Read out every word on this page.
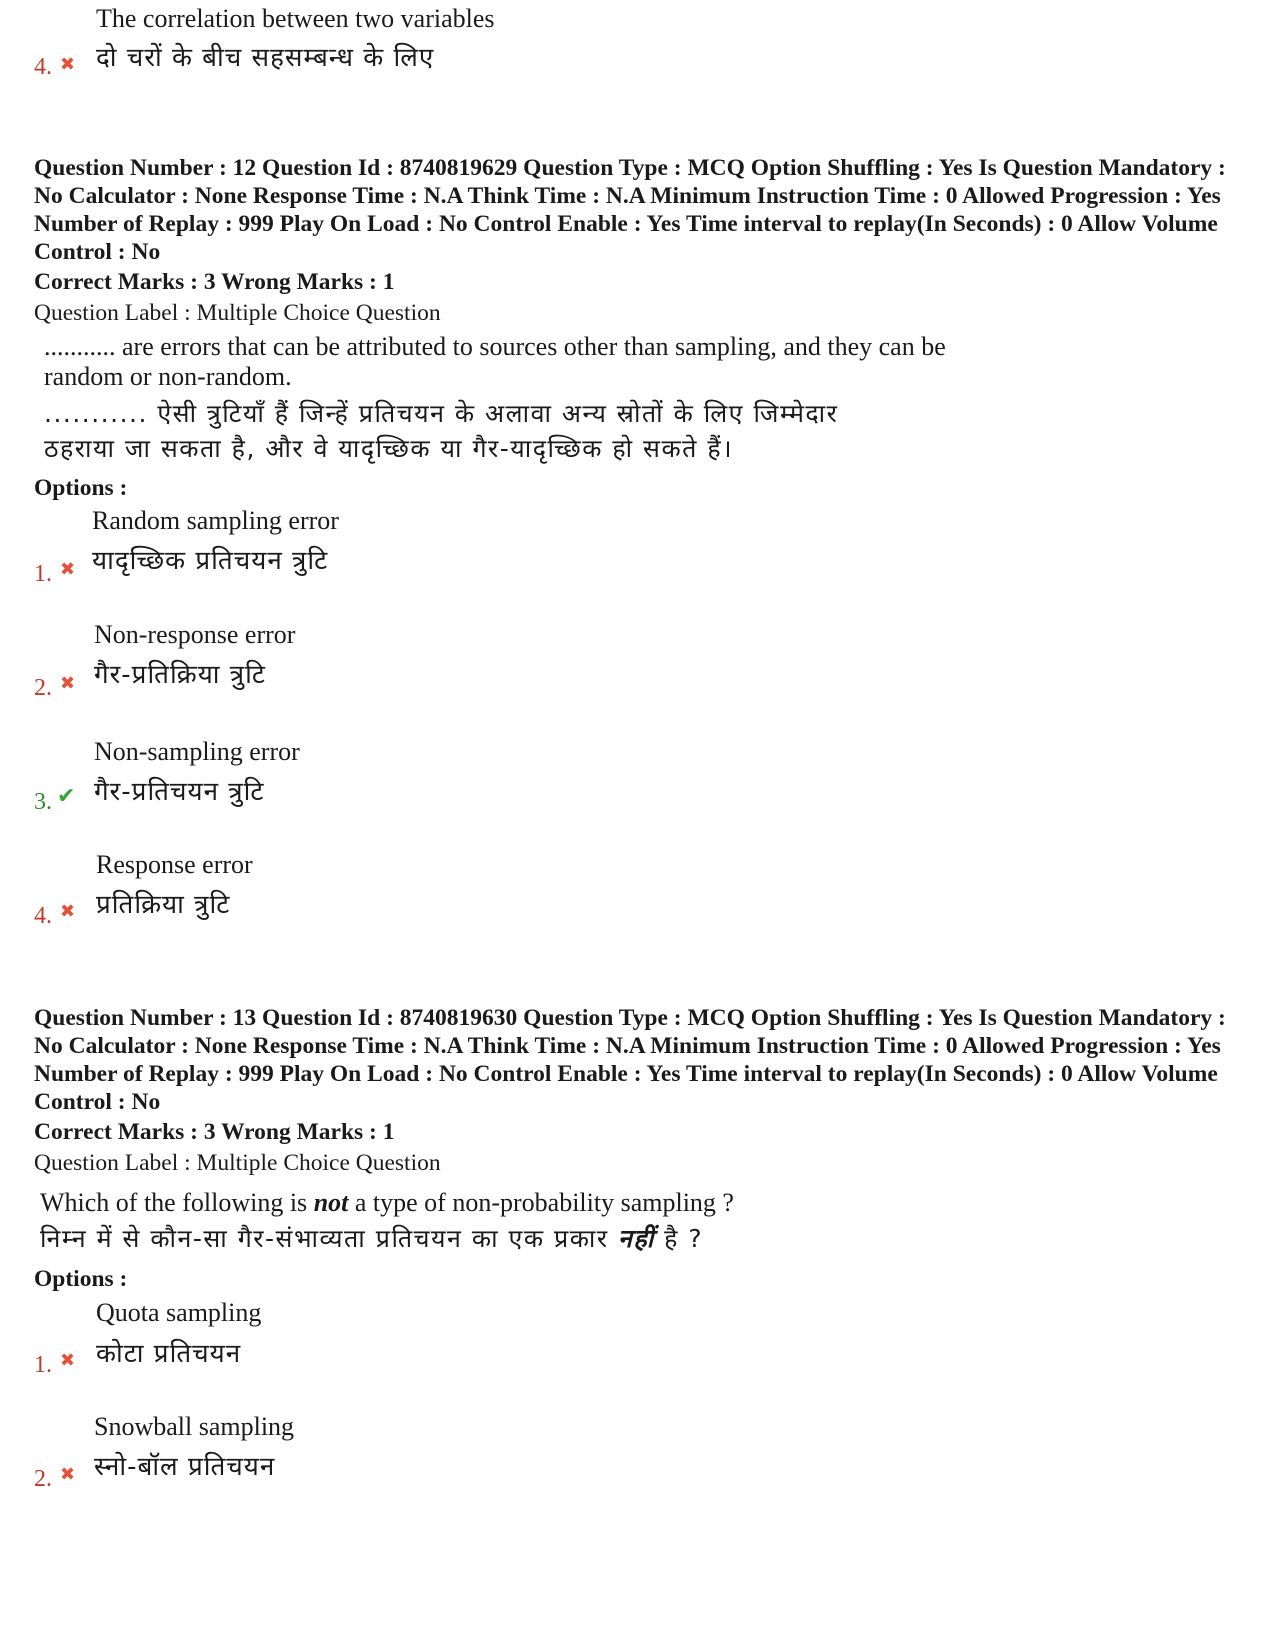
The correlation between two variables
दो चरों के बीच सहसम्बन्ध के लिए
4. ✖
Question Number : 12 Question Id : 8740819629 Question Type : MCQ Option Shuffling : Yes Is Question Mandatory : No Calculator : None Response Time : N.A Think Time : N.A Minimum Instruction Time : 0 Allowed Progression : Yes Number of Replay : 999 Play On Load : No Control Enable : Yes Time interval to replay(In Seconds) : 0 Allow Volume Control : No
Correct Marks : 3 Wrong Marks : 1
Question Label : Multiple Choice Question
........... are errors that can be attributed to sources other than sampling, and they can be
random or non-random.
........... ऐसी त्रुटियाँ हैं जिन्हें प्रतिचयन के अलावा अन्य स्रोतों के लिए जिम्मेदार
ठहराया जा सकता है, और वे यादृच्छिक या गैर-यादृच्छिक हो सकते हैं।
Options :
Random sampling error
यादृच्छिक प्रतिचयन त्रुटि
1. ✖
Non-response error
गैर-प्रतिक्रिया त्रुटि
2. ✖
Non-sampling error
गैर-प्रतिचयन त्रुटि
3. ✔
Response error
प्रतिक्रिया त्रुटि
4. ✖
Question Number : 13 Question Id : 8740819630 Question Type : MCQ Option Shuffling : Yes Is Question Mandatory : No Calculator : None Response Time : N.A Think Time : N.A Minimum Instruction Time : 0 Allowed Progression : Yes Number of Replay : 999 Play On Load : No Control Enable : Yes Time interval to replay(In Seconds) : 0 Allow Volume Control : No
Correct Marks : 3 Wrong Marks : 1
Question Label : Multiple Choice Question
Which of the following is not a type of non-probability sampling ?
निम्न में से कौन-सा गैर-संभाव्यता प्रतिचयन का एक प्रकार नहीं है ?
Options :
Quota sampling
कोटा प्रतिचयन
1. ✖
Snowball sampling
स्नो-बॉल प्रतिचयन
2. ✖
